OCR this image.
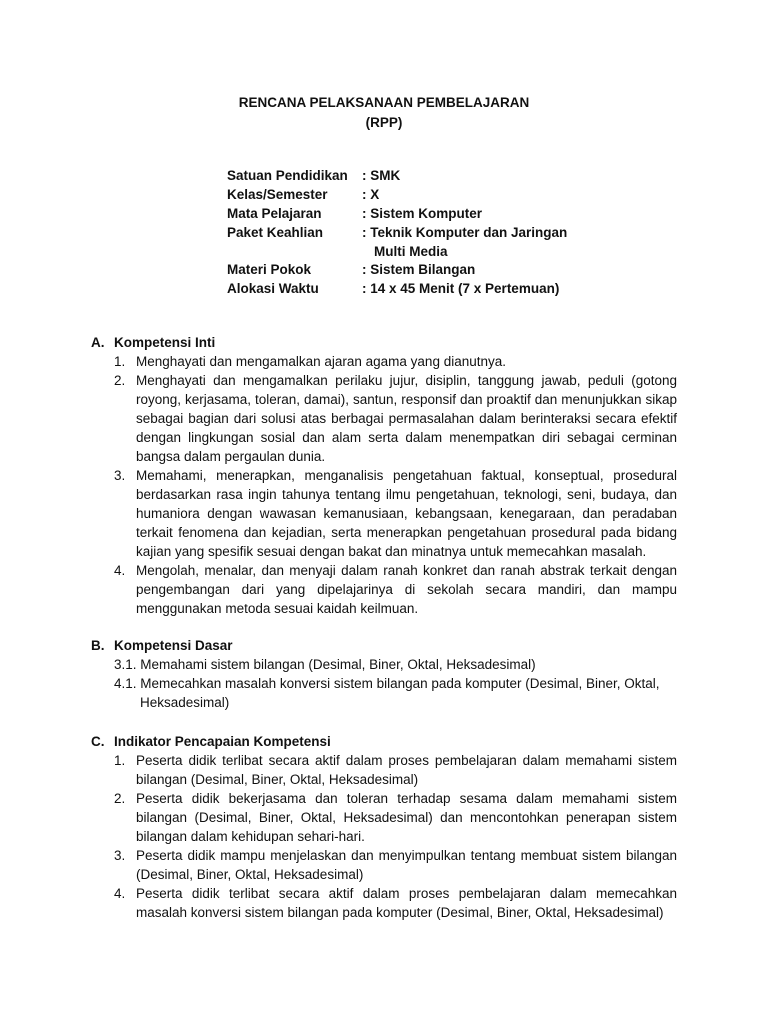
RENCANA PELAKSANAAN PEMBELAJARAN
(RPP)
Satuan Pendidikan	: SMK
Kelas/Semester	: X
Mata Pelajaran	: Sistem Komputer
Paket Keahlian	: Teknik Komputer dan Jaringan
Multi Media
Materi Pokok	: Sistem Bilangan
Alokasi Waktu	: 14 x 45 Menit (7 x Pertemuan)
A. Kompetensi Inti
1. Menghayati dan mengamalkan ajaran agama yang dianutnya.
2. Menghayati dan mengamalkan perilaku jujur, disiplin, tanggung jawab, peduli (gotong royong, kerjasama, toleran, damai), santun, responsif dan proaktif dan menunjukkan sikap sebagai bagian dari solusi atas berbagai permasalahan dalam berinteraksi secara efektif dengan lingkungan sosial dan alam serta dalam menempatkan diri sebagai cerminan bangsa dalam pergaulan dunia.
3. Memahami, menerapkan, menganalisis pengetahuan faktual, konseptual, prosedural berdasarkan rasa ingin tahunya tentang ilmu pengetahuan, teknologi, seni, budaya, dan humaniora dengan wawasan kemanusiaan, kebangsaan, kenegaraan, dan peradaban terkait fenomena dan kejadian, serta menerapkan pengetahuan prosedural pada bidang kajian yang spesifik sesuai dengan bakat dan minatnya untuk memecahkan masalah.
4. Mengolah, menalar, dan menyaji dalam ranah konkret dan ranah abstrak terkait dengan pengembangan dari yang dipelajarinya di sekolah secara mandiri, dan mampu menggunakan metoda sesuai kaidah keilmuan.
B. Kompetensi Dasar
3.1. Memahami sistem bilangan (Desimal, Biner, Oktal, Heksadesimal)
4.1. Memecahkan masalah konversi sistem bilangan pada komputer (Desimal, Biner, Oktal, Heksadesimal)
C. Indikator Pencapaian Kompetensi
1. Peserta didik terlibat secara aktif dalam proses pembelajaran dalam memahami sistem bilangan (Desimal, Biner, Oktal, Heksadesimal)
2. Peserta didik bekerjasama dan toleran terhadap sesama dalam memahami sistem bilangan (Desimal, Biner, Oktal, Heksadesimal) dan mencontohkan penerapan sistem bilangan dalam kehidupan sehari-hari.
3. Peserta didik mampu menjelaskan dan menyimpulkan tentang membuat sistem bilangan (Desimal, Biner, Oktal, Heksadesimal)
4. Peserta didik terlibat secara aktif dalam proses pembelajaran dalam memecahkan masalah konversi sistem bilangan pada komputer (Desimal, Biner, Oktal, Heksadesimal)
